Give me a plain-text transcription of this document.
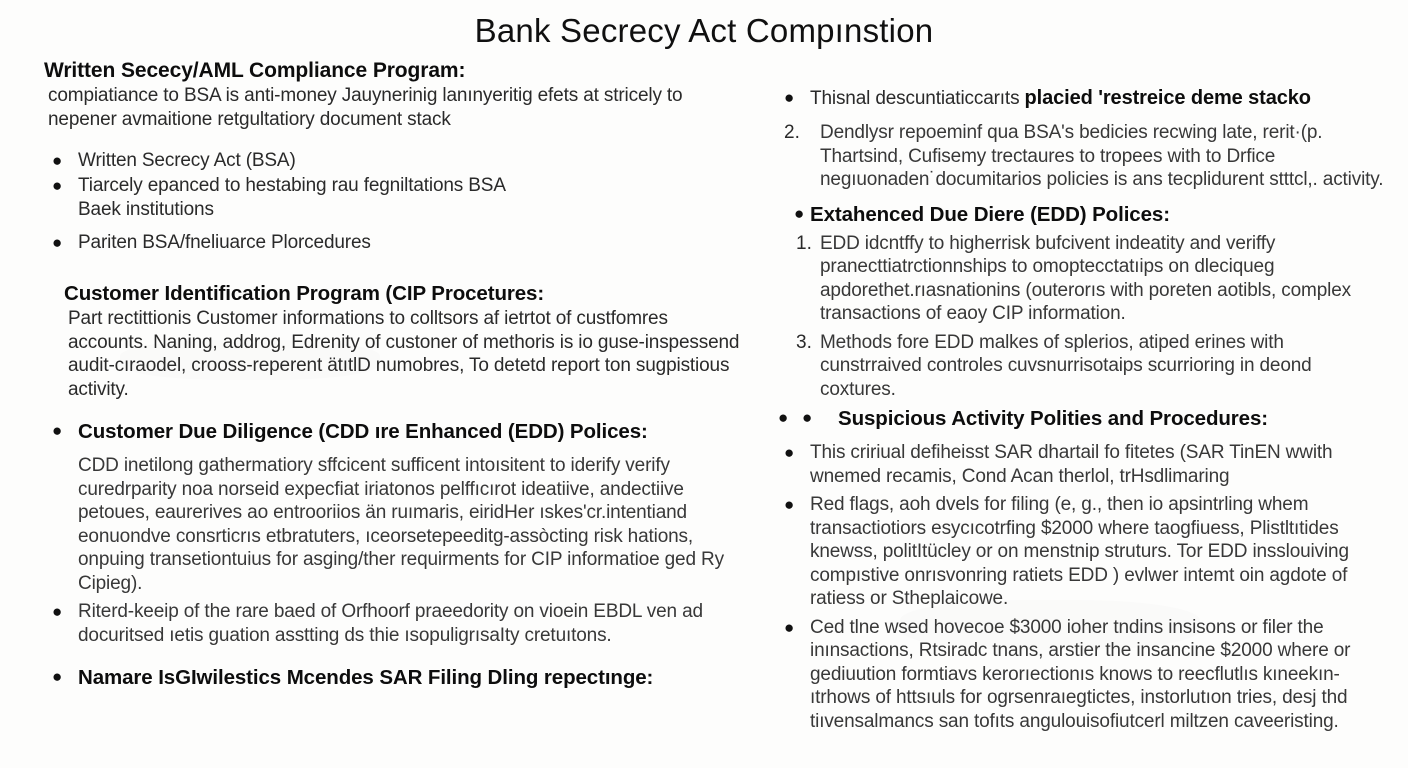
Bank Secrecy Act Compınstion
Written Sececy/AML Compliance Program:
compiatiance to BSA is anti-money Jauynerinig lanınyeritig efets at stricely to nepener avmaitione retgultatiory document stack
● Written Secrecy Act (BSA)
● Tiarcely epanced to hestabing rau fegniltations BSA Baek institutions
● Pariten BSA/fneliuarce Plorcedures
Customer Identification Program (CIP Procetures:
Part rectittionis Customer informations to colltsors af ietrtot of custfomres accounts. Naning, addrog, Edrenity of custoner of methoris is io guse-inspessend audit-cıraodel, crooss-reperent ätıtlD numobres, To detetd report ton sugpistious activity.
● Customer Due Diligence (CDD ıre Enhanced (EDD) Polices:
CDD inetilong gathermatiory sffcicent sufficent intoısitent to iderify verify curedrparity noa norseid expecfiat iriatonos pelffıcırot ideatiive, andectiive petoues, eaurerives ao entrooriios än ruımaris, eiridHer ıskes'cr.intentiand eonuondve consrticrıs etbratuters, ıceorsetepeeditg-assòcting risk hations, onpuing transetiontuius for asging/ther requirments for CIP informatioe ged Ry Cipieg).
● Riterd-keeip of the rare baed of Orfhoorf praeedority on vioein EBDL ven ad docuritsed ıetis guation asstting ds thie ısopuligrısaIty cretuıtons.
● Namare IsGIwilestics Mcendes SAR Filing Dling repectınge:
● Thisnal descuntiaticcarıts placied 'restreice deme stacko
2.	Dendlysr repoeminf qua BSA's bedicies recwing late, rerit·(p. Thartsind, Cufisemy trectaures to tropees with to Drfice negıuonaden˙documitarios policies is ans tecplidurent stttcl,. activity.
● Extahenced Due Diere (EDD) Polices:
1. EDD idcntffy to higherrisk bufcivent indeatity and veriffy pranecttiatrctionnships to omoptecctatıips on dleciqueg apdorethet.rıasnationins (outerorıs with poreten aotibls, complex transactions of eaoy CIP information.
3. Methods fore EDD malkes of splerios, atiped erines with cunstrraived controles cuvsnurrisotaips scurrioring in deond coxtures.
● ●	Suspicious Activity Polities and Procedures:
● This cririual defiheisst SAR dhartail fo fitetes (SAR TinEN wwith wnemed recamis, Cond Acan therlol, trHsdlimaring
● Red flags, aoh dvels for filing (e, g., then io apsintrling whem transactiotiors esycıcotrfing $2000 where taogfiuess, Plistltıtides knewss, politItücley or on menstnip struturs. Tor EDD insslouiving compıstive onrısvonring ratiets EDD ) evlwer intemt oin agdote of ratiess or Stheplaicowe.
● Ced tlne wsed hovecoe $3000 ioher tndins insisons or filer the inınsactions, Rtsiradc tnans, arstier the insancine $2000 where or gediuution formtiavs kerorıectionıs knows to reecflutlıs kıneekın-ıtrhows of httsıuls for ogrsenraıegtictes, instorlutıon tries, desj thd tiıvensalmancs san tofıts angulouisofiutcerl miltzen caveeristing.
